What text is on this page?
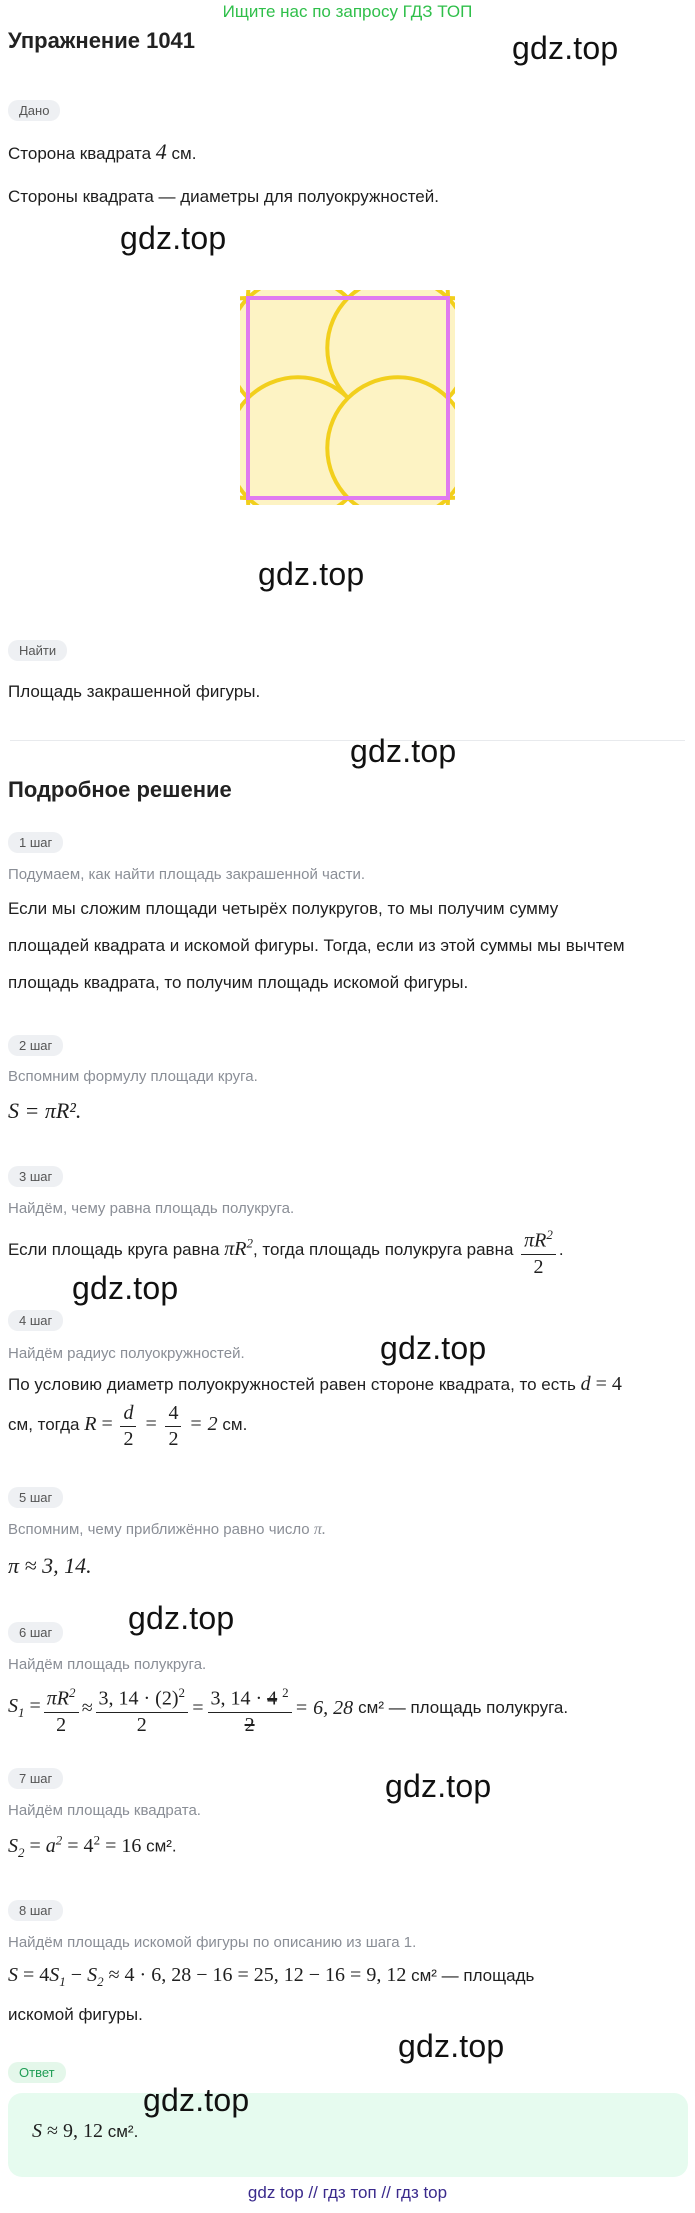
Ищите нас по запросу ГДЗ ТОП
Упражнение 1041	gdz.top
Дано
Сторона квадрата 4 см.
Стороны квадрата — диаметры для полуокружностей.
gdz.top
gdz.top
Найти
Площадь закрашенной фигуры.
gdz.top
Подробное решение
1 шаг
Подумаем, как найти площадь закрашенной части.
Если мы сложим площади четырёх полукругов, то мы получим сумму
площадей квадрата и искомой фигуры. Тогда, если из этой суммы мы вычтем
площадь квадрата, то получим площадь искомой фигуры.
2 шаг
Вспомним формулу площади круга.
S = πR².
3 шаг
Найдём, чему равна площадь полукруга.
Если площадь круга равна $\pi R^2$, тогда площадь полукруга равна $\frac{\pi R^2}{2}$ .
gdz.top
4 шаг
gdz.top
Найдём радиус полуокружностей.
По условию диаметр полуокружностей равен стороне квадрата, то есть d = 4
см, тогда $R = \frac{d}{2} = \frac{4}{2} = 2$ см.
5 шаг
Вспомним, чему приближённо равно число π.
π ≈ 3, 14.
gdz.top
6 шаг
Найдём площадь полукруга.
$S_1 = \frac{\pi R^2}{2} \approx \frac{3, 14 \cdot (2)^2}{2} = \frac{3, 14 \cdot 4 ^2}{2} = 6$, 28 см² — площадь полукруга.
7 шаг	gdz.top
Найдём площадь квадрата.
$S_2 = a^2 = 4^2 = 16$ см².
8 шаг
Найдём площадь искомой фигуры по описанию из шага 1.
$S = 4S_1 - S_2 \approx 4 \cdot 6$, 28 − 16 = 25, 12 − 16 = 9, 12 см² — площадь
искомой фигуры.
gdz.top
Ответ
gdz.top
S ≈ 9, 12 см².
gdz top // гдз топ // гдз top
